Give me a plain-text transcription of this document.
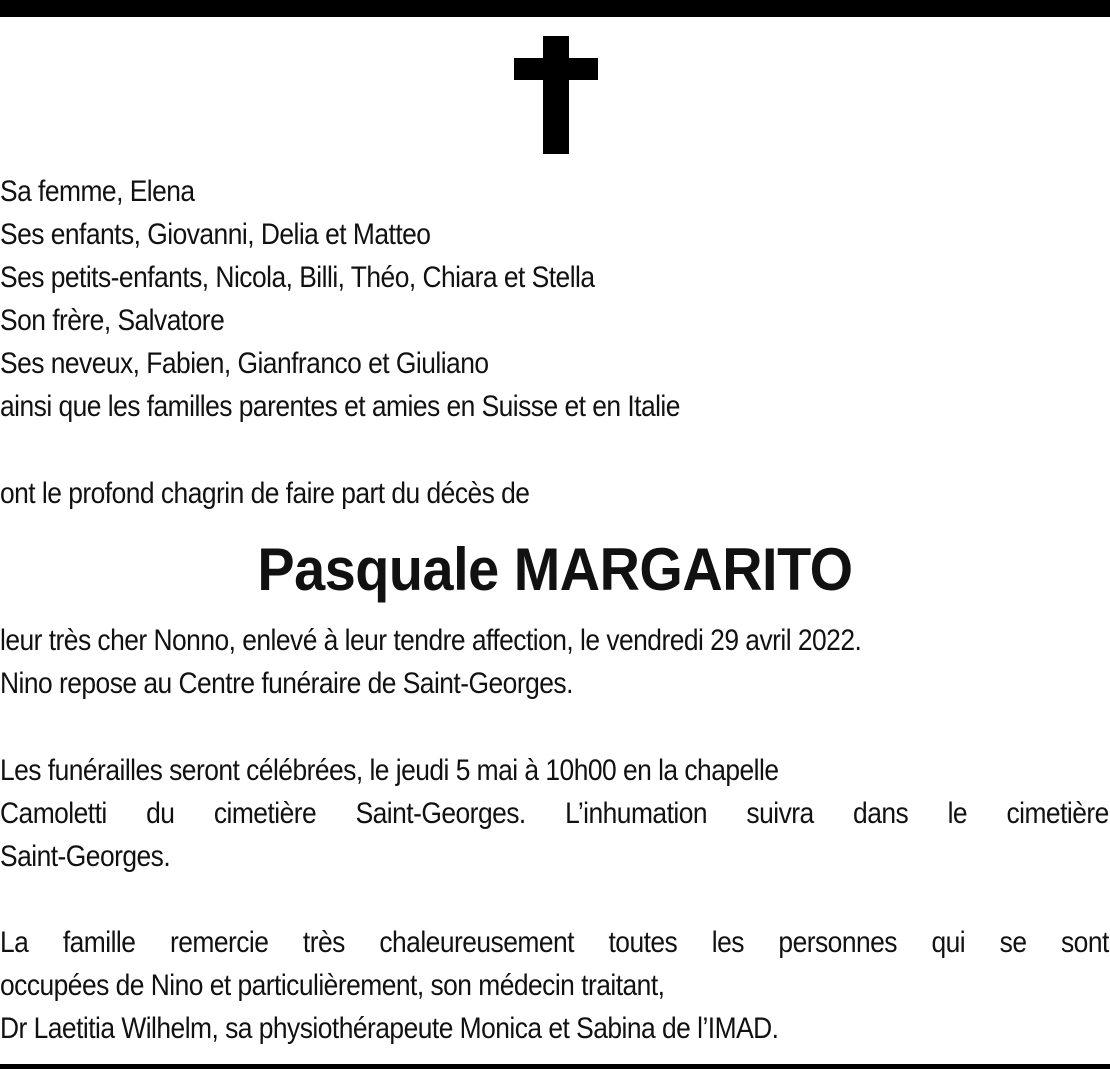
Sa femme, Elena
Ses enfants, Giovanni, Delia et Matteo
Ses petits-enfants, Nicola, Billi, Théo, Chiara et Stella
Son frère, Salvatore
Ses neveux, Fabien, Gianfranco et Giuliano
ainsi que les familles parentes et amies en Suisse et en Italie
ont le profond chagrin de faire part du décès de
Pasquale MARGARITO
leur très cher Nonno, enlevé à leur tendre affection, le vendredi 29 avril 2022.
Nino repose au Centre funéraire de Saint-Georges.
Les funérailles seront célébrées, le jeudi 5 mai à 10h00 en la chapelle
Camoletti du cimetière Saint-Georges. L’inhumation suivra dans le cimetière
Saint-Georges.
La famille remercie très chaleureusement toutes les personnes qui se sont
occupées de Nino et particulièrement, son médecin traitant,
Dr Laetitia Wilhelm, sa physiothérapeute Monica et Sabina de l’IMAD.
